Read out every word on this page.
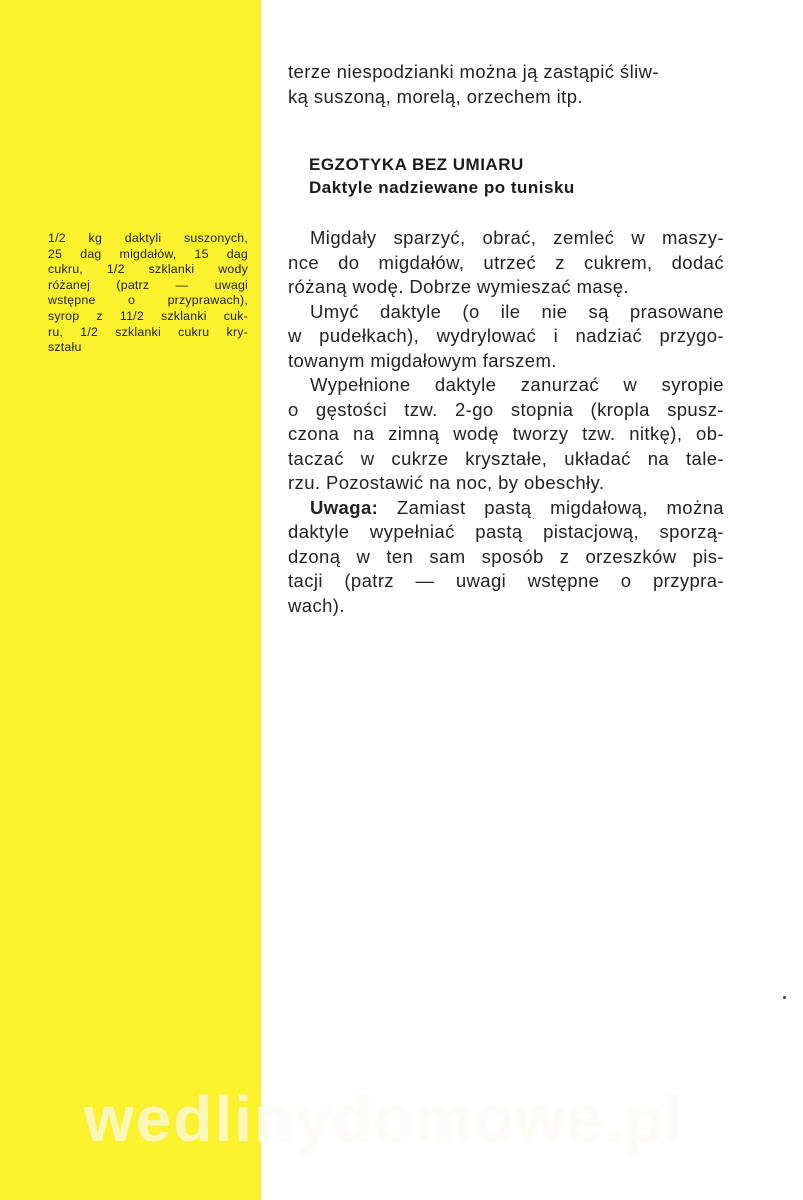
1/2 kg daktyli suszonych,
25 dag migdałów, 15 dag
cukru, 1/2 szklanki wody
różanej (patrz — uwagi
wstępne o przyprawach),
syrop z 11/2 szklanki cuk-
ru, 1/2 szklanki cukru kry-
ształu
terze niespodzianki można ją zastąpić śliw-
ką suszoną, morelą, orzechem itp.
EGZOTYKA BEZ UMIARU
Daktyle nadziewane po tunisku
Migdały sparzyć, obrać, zemleć w maszy-
nce do migdałów, utrzeć z cukrem, dodać
różaną wodę. Dobrze wymieszać masę.
Umyć daktyle (o ile nie są prasowane
w pudełkach), wydrylować i nadziać przygo-
towanym migdałowym farszem.
Wypełnione daktyle zanurzać w syropie
o gęstości tzw. 2-go stopnia (kropla spusz-
czona na zimną wodę tworzy tzw. nitkę), ob-
taczać w cukrze kryształe, układać na tale-
rzu. Pozostawić na noc, by obeschły.
Uwaga: Zamiast pastą migdałową, można
daktyle wypełniać pastą pistacjową, sporzą-
dzoną w ten sam sposób z orzeszków pis-
tacji (patrz — uwagi wstępne o przypra-
wach).
wedlinydomowe.pl
